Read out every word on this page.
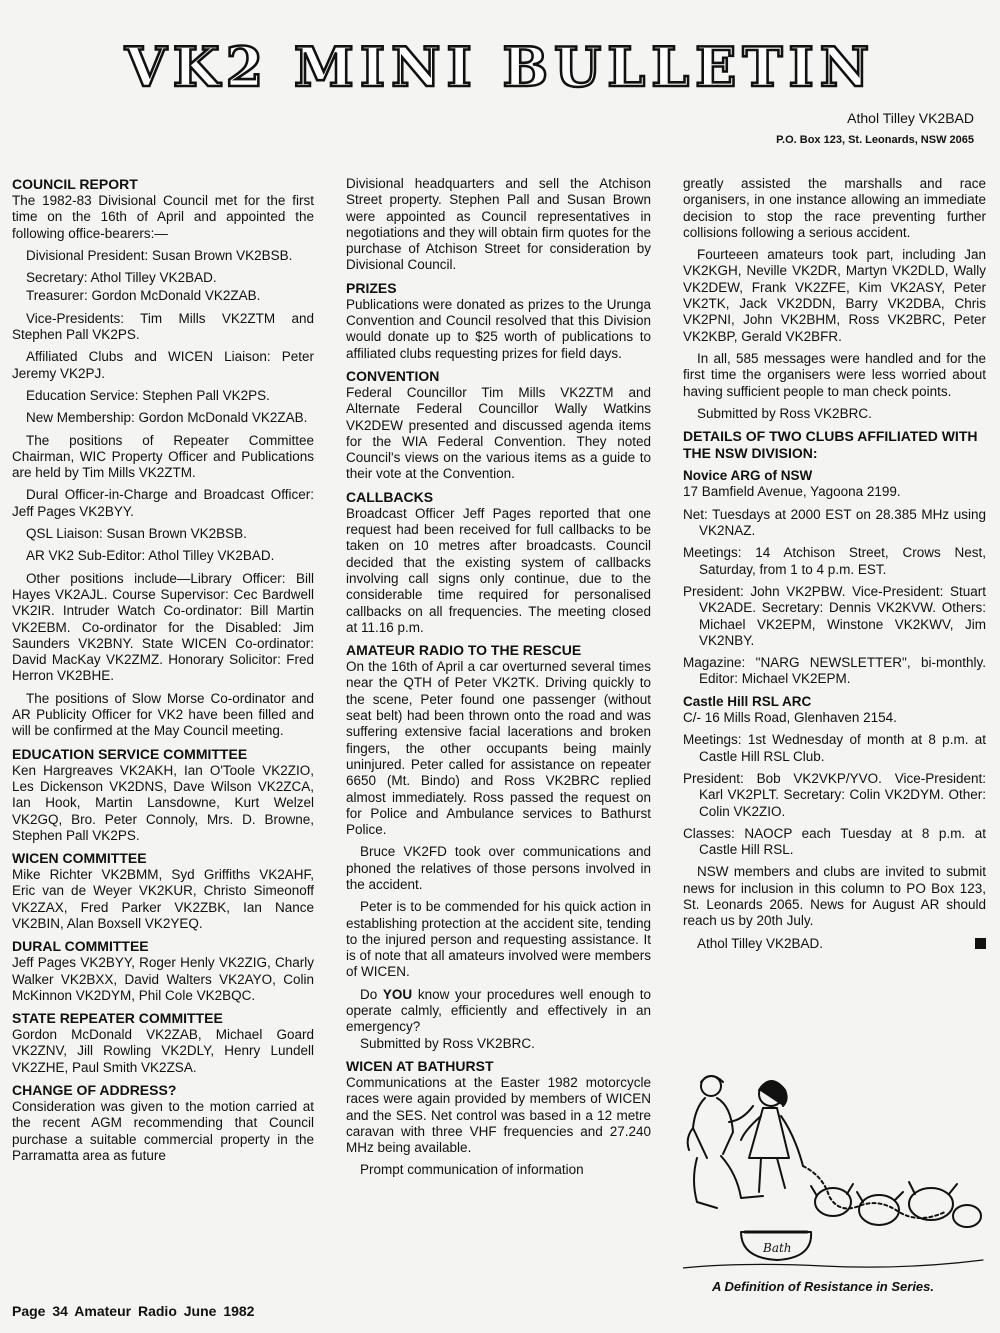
VK2 MINI BULLETIN
Athol Tilley VK2BAD
P.O. Box 123, St. Leonards, NSW 2065
COUNCIL REPORT

The 1982-83 Divisional Council met for the first time on the 16th of April and appointed the following office-bearers:—

Divisional President: Susan Brown VK2BSB.

Secretary: Athol Tilley VK2BAD.

Treasurer: Gordon McDonald VK2ZAB.

Vice-Presidents: Tim Mills VK2ZTM and Stephen Pall VK2PS.

Affiliated Clubs and WICEN Liaison: Peter Jeremy VK2PJ.

Education Service: Stephen Pall VK2PS.

New Membership: Gordon McDonald VK2ZAB.

The positions of Repeater Committee Chairman, WIC Property Officer and Publications are held by Tim Mills VK2ZTM.

Dural Officer-in-Charge and Broadcast Officer: Jeff Pages VK2BYY.

QSL Liaison: Susan Brown VK2BSB.

AR VK2 Sub-Editor: Athol Tilley VK2BAD.

Other positions include—Library Officer: Bill Hayes VK2AJL. Course Supervisor: Cec Bardwell VK2IR. Intruder Watch Co-ordinator: Bill Martin VK2EBM. Co-ordinator for the Disabled: Jim Saunders VK2BNY. State WICEN Co-ordinator: David MacKay VK2ZMZ. Honorary Solicitor: Fred Herron VK2BHE.

The positions of Slow Morse Co-ordinator and AR Publicity Officer for VK2 have been filled and will be confirmed at the May Council meeting.

EDUCATION SERVICE COMMITTEE

Ken Hargreaves VK2AKH, Ian O'Toole VK2ZIO, Les Dickenson VK2DNS, Dave Wilson VK2ZCA, Ian Hook, Martin Lansdowne, Kurt Welzel VK2GQ, Bro. Peter Connoly, Mrs. D. Browne, Stephen Pall VK2PS.

WICEN COMMITTEE

Mike Richter VK2BMM, Syd Griffiths VK2AHF, Eric van de Weyer VK2KUR, Christo Simeonoff VK2ZAX, Fred Parker VK2ZBK, Ian Nance VK2BIN, Alan Boxsell VK2YEQ.

DURAL COMMITTEE

Jeff Pages VK2BYY, Roger Henly VK2ZIG, Charly Walker VK2BXX, David Walters VK2AYO, Colin McKinnon VK2DYM, Phil Cole VK2BQC.

STATE REPEATER COMMITTEE

Gordon McDonald VK2ZAB, Michael Goard VK2ZNV, Jill Rowling VK2DLY, Henry Lundell VK2ZHE, Paul Smith VK2ZSA.

CHANGE OF ADDRESS?

Consideration was given to the motion carried at the recent AGM recommending that Council purchase a suitable commercial property in the Parramatta area as future

Divisional headquarters and sell the Atchison Street property. Stephen Pall and Susan Brown were appointed as Council representatives in negotiations and they will obtain firm quotes for the purchase of Atchison Street for consideration by Divisional Council.

PRIZES

Publications were donated as prizes to the Urunga Convention and Council resolved that this Division would donate up to $25 worth of publications to affiliated clubs requesting prizes for field days.

CONVENTION

Federal Councillor Tim Mills VK2ZTM and Alternate Federal Councillor Wally Watkins VK2DEW presented and discussed agenda items for the WIA Federal Convention. They noted Council's views on the various items as a guide to their vote at the Convention.

CALLBACKS

Broadcast Officer Jeff Pages reported that one request had been received for full callbacks to be taken on 10 metres after broadcasts. Council decided that the existing system of callbacks involving call signs only continue, due to the considerable time required for personalised callbacks on all frequencies. The meeting closed at 11.16 p.m.

AMATEUR RADIO TO THE RESCUE

On the 16th of April a car overturned several times near the QTH of Peter VK2TK. Driving quickly to the scene, Peter found one passenger (without seat belt) had been thrown onto the road and was suffering extensive facial lacerations and broken fingers, the other occupants being mainly uninjured. Peter called for assistance on repeater 6650 (Mt. Bindo) and Ross VK2BRC replied almost immediately. Ross passed the request on for Police and Ambulance services to Bathurst Police.

Bruce VK2FD took over communications and phoned the relatives of those persons involved in the accident.

Peter is to be commended for his quick action in establishing protection at the accident site, tending to the injured person and requesting assistance. It is of note that all amateurs involved were members of WICEN.

Do YOU know your procedures well enough to operate calmly, efficiently and effectively in an emergency?

Submitted by Ross VK2BRC.

WICEN AT BATHURST

Communications at the Easter 1982 motorcycle races were again provided by members of WICEN and the SES. Net control was based in a 12 metre caravan with three VHF frequencies and 27.240 MHz being available.

Prompt communication of information

greatly assisted the marshalls and race organisers, in one instance allowing an immediate decision to stop the race preventing further collisions following a serious accident.

Fourteeen amateurs took part, including Jan VK2KGH, Neville VK2DR, Martyn VK2DLD, Wally VK2DEW, Frank VK2ZFE, Kim VK2ASY, Peter VK2TK, Jack VK2DDN, Barry VK2DBA, Chris VK2PNI, John VK2BHM, Ross VK2BRC, Peter VK2KBP, Gerald VK2BFR.

In all, 585 messages were handled and for the first time the organisers were less worried about having sufficient people to man check points.

Submitted by Ross VK2BRC.

DETAILS OF TWO CLUBS AFFILIATED WITH THE NSW DIVISION:
Novice ARG of NSW

17 Bamfield Avenue, Yagoona 2199.

Net: Tuesdays at 2000 EST on 28.385 MHz using VK2NAZ.

Meetings: 14 Atchison Street, Crows Nest, Saturday, from 1 to 4 p.m. EST.

President: John VK2PBW. Vice-President: Stuart VK2ADE. Secretary: Dennis VK2KVW. Others: Michael VK2EPM, Winstone VK2KWV, Jim VK2NBY.

Magazine: "NARG NEWSLETTER", bi-monthly. Editor: Michael VK2EPM.

Castle Hill RSL ARC

C/- 16 Mills Road, Glenhaven 2154.

Meetings: 1st Wednesday of month at 8 p.m. at Castle Hill RSL Club.

President: Bob VK2VKP/YVO. Vice-President: Karl VK2PLT. Secretary: Colin VK2DYM. Other: Colin VK2ZIO.

Classes: NAOCP each Tuesday at 8 p.m. at Castle Hill RSL.

NSW members and clubs are invited to submit news for inclusion in this column to PO Box 123, St. Leonards 2065. News for August AR should reach us by 20th July.

Athol Tilley VK2BAD.

Bath
A Definition of Resistance in Series.
Page 34 Amateur Radio June 1982
